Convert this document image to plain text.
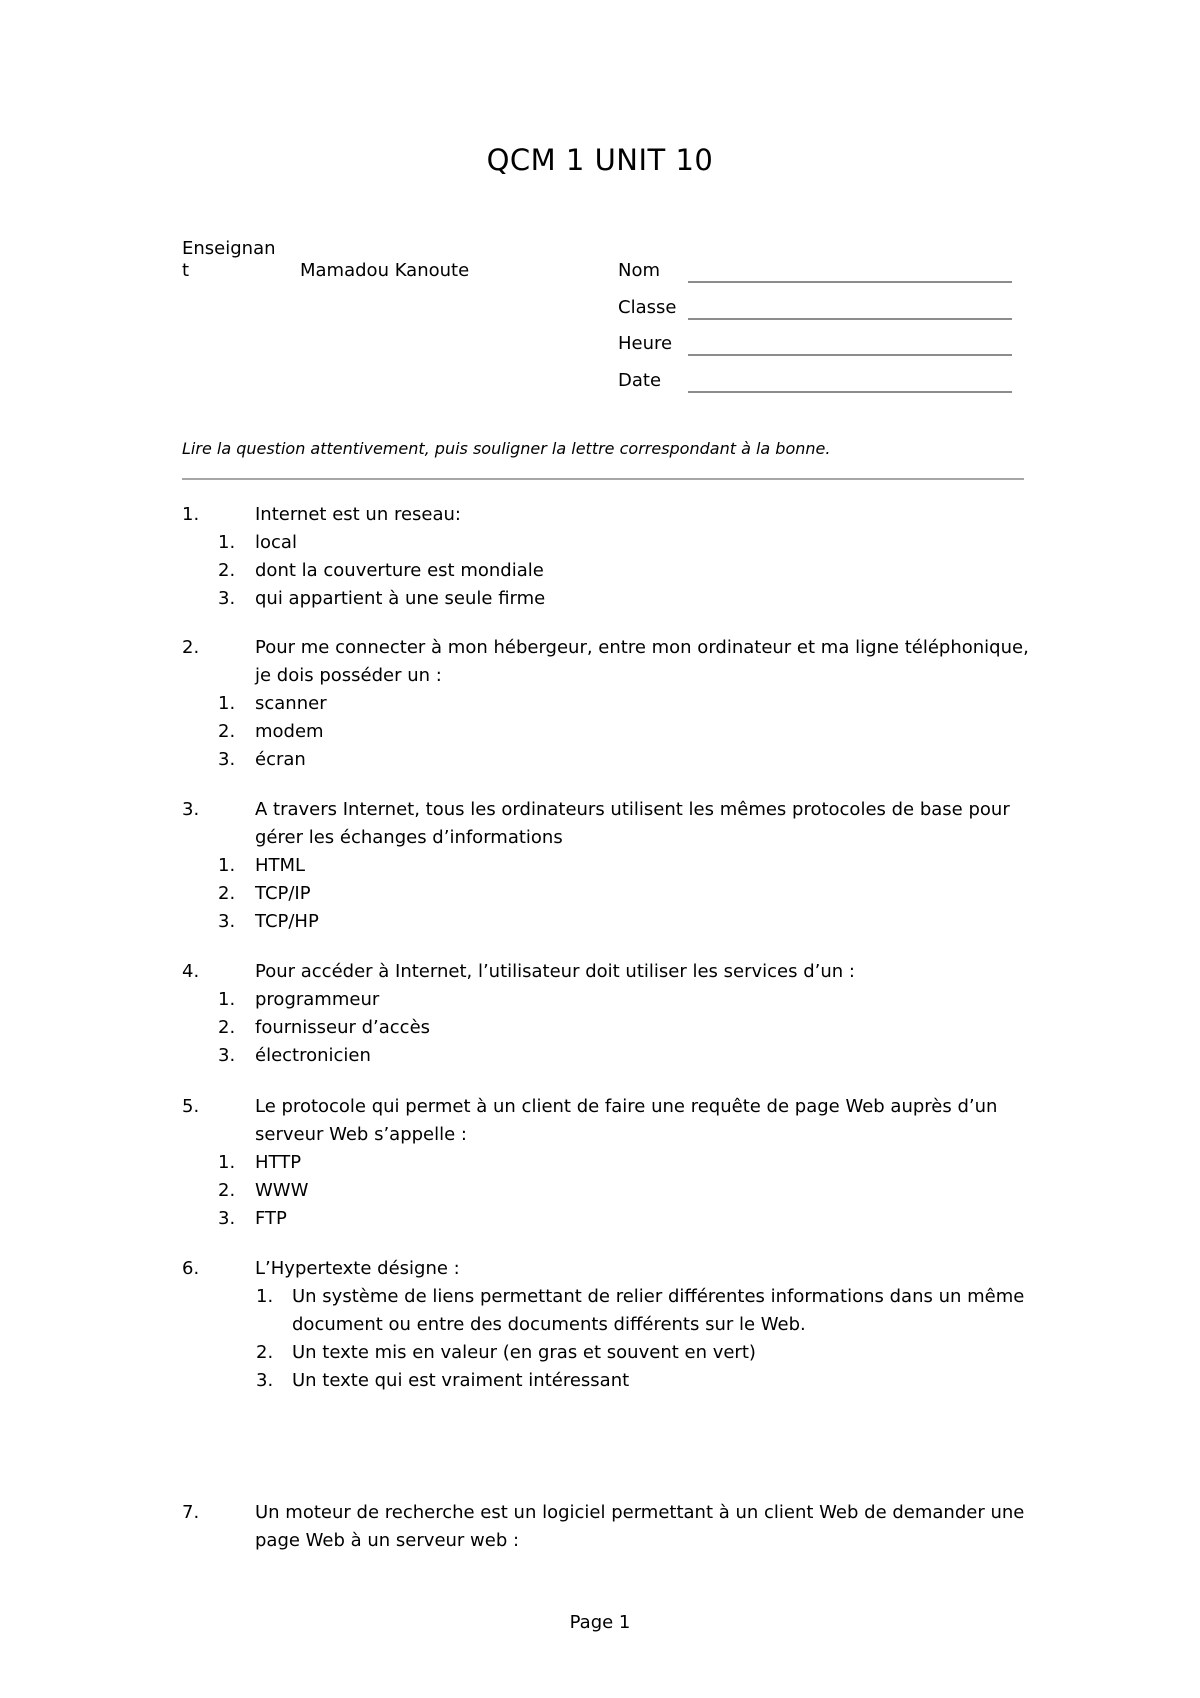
QCM 1 UNIT 10
Enseignant	Mamadou Kanoute	Nom
Classe
Heure
Date
Lire la question attentivement, puis souligner la lettre correspondant à la bonne.
1.	Internet est un reseau:
1. local
2. dont la couverture est mondiale
3. qui appartient à une seule firme
2.	Pour me connecter à mon hébergeur, entre mon ordinateur et ma ligne téléphonique, je dois posséder un :
1. scanner
2. modem
3. écran
3.	A travers Internet, tous les ordinateurs utilisent les mêmes protocoles de base pour gérer les échanges d’informations
1. HTML
2. TCP/IP
3. TCP/HP
4.	Pour accéder à Internet, l’utilisateur doit utiliser les services d’un :
1. programmeur
2. fournisseur d’accès
3. électronicien
5.	Le protocole qui permet à un client de faire une requête de page Web auprès d’un serveur Web s’appelle :
1. HTTP
2. WWW
3. FTP
6.	L’Hypertexte désigne :
1. Un système de liens permettant de relier différentes informations dans un même document ou entre des documents différents sur le Web.
2. Un texte mis en valeur (en gras et souvent en vert)
3. Un texte qui est vraiment intéressant
7.	Un moteur de recherche est un logiciel permettant à un client Web de demander une page Web à un serveur web :
Page 1
